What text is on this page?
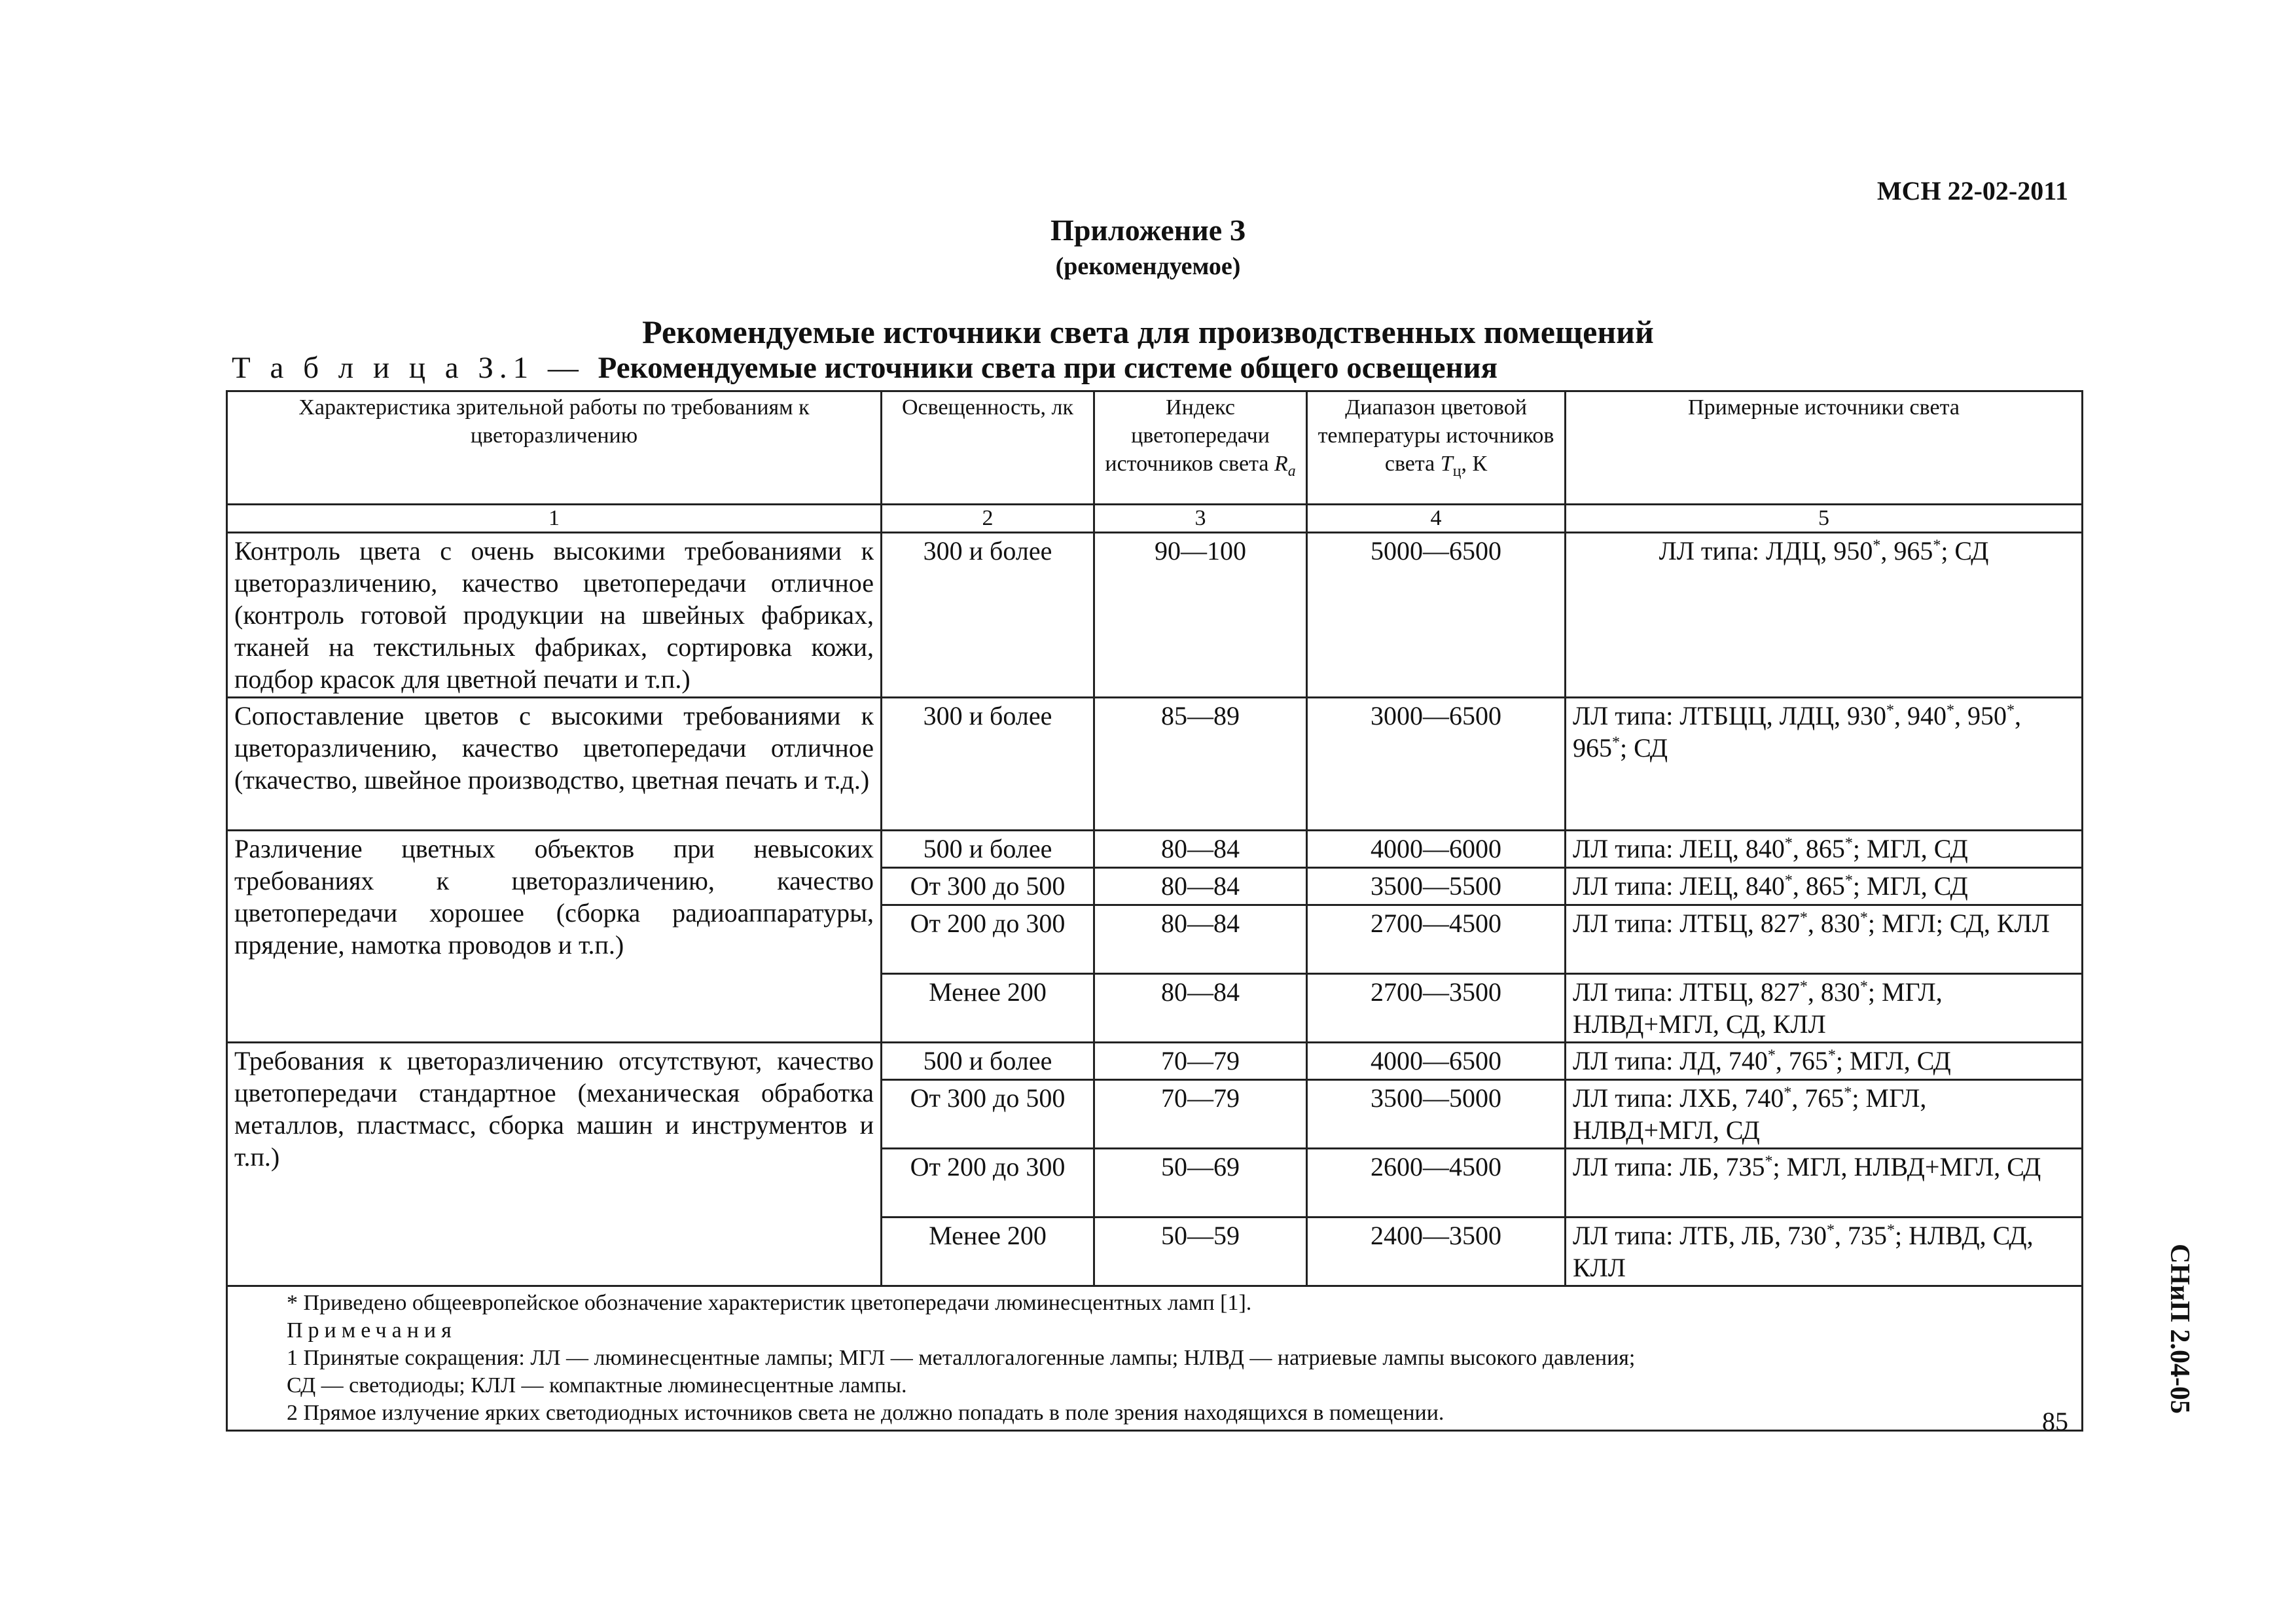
МСН 22-02-2011
Приложение З
(рекомендуемое)
Рекомендуемые источники света для производственных помещений
Т а б л и ц а З.1 — Рекомендуемые источники света при системе общего освещения
Характеристика зрительной работы по требованиям к цветоразличению	Освещенность, лк	Индекс цветопередачи источников света $R_a$	Диапазон цветовой температуры источников света $T_ц$, К	Примерные источники света
1	2	3	4	5
Контроль цвета с очень высокими требованиями к цветоразличению, качество цветопередачи отличное (контроль готовой продукции на швейных фабриках, тканей на текстильных фабриках, сортировка кожи, подбор красок для цветной печати и т.п.)	300 и более	90—100	5000—6500	ЛЛ типа: ЛДЦ, 950*, 965*; СД
Сопоставление цветов с высокими требованиями к цветоразличению, качество цветопередачи отличное (ткачество, швейное производство, цветная печать и т.д.)	300 и более	85—89	3000—6500	ЛЛ типа: ЛТБЦЦ, ЛДЦ, 930*, 940*, 950*, 965*; СД
Различение цветных объектов при невысоких требованиях к цветоразличению, качество цветопередачи хорошее (сборка радиоаппаратуры, прядение, намотка проводов и т.п.)	500 и более	80—84	4000—6000	ЛЛ типа: ЛЕЦ, 840*, 865*; МГЛ, СД
	От 300 до 500	80—84	3500—5500	ЛЛ типа: ЛЕЦ, 840*, 865*; МГЛ, СД
	От 200 до 300	80—84	2700—4500	ЛЛ типа: ЛТБЦ, 827*, 830*; МГЛ; СД, КЛЛ
	Менее 200	80—84	2700—3500	ЛЛ типа: ЛТБЦ, 827*, 830*; МГЛ, НЛВД+МГЛ, СД, КЛЛ
Требования к цветоразличению отсутствуют, качество цветопередачи стандартное (механическая обработка металлов, пластмасс, сборка машин и инструментов и т.п.)	500 и более	70—79	4000—6500	ЛЛ типа: ЛД, 740*, 765*; МГЛ, СД
	От 300 до 500	70—79	3500—5000	ЛЛ типа: ЛХБ, 740*, 765*; МГЛ, НЛВД+МГЛ, СД
	От 200 до 300	50—69	2600—4500	ЛЛ типа: ЛБ, 735*; МГЛ, НЛВД+МГЛ, СД
	Менее 200	50—59	2400—3500	ЛЛ типа: ЛТБ, ЛБ, 730*, 735*; НЛВД, СД, КЛЛ

* Приведено общеевропейское обозначение характеристик цветопередачи люминесцентных ламп [1].
Примечания
1 Принятые сокращения: ЛЛ — люминесцентные лампы; МГЛ — металлогалогенные лампы; НЛВД — натриевые лампы высокого давления;
СД — светодиоды; КЛЛ — компактные люминесцентные лампы.
2 Прямое излучение ярких светодиодных источников света не должно попадать в поле зрения находящихся в помещении.					СНиП 2.04-05
85
